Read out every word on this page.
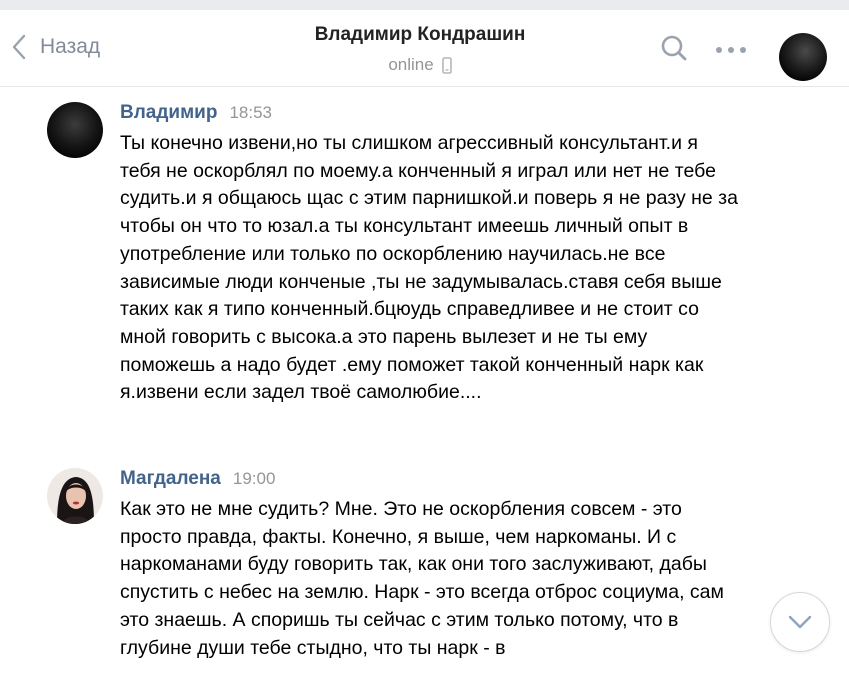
Назад
Владимир Кондрашин
online
Владимир 18:53
Ты конечно извени,но ты слишком агрессивный консультант.и я тебя не оскорблял по моему.а конченный я играл или нет не тебе судить.и я общаюсь щас с этим парнишкой.и поверь я не разу не за чтобы он что то юзал.а ты консультант имеешь личный опыт в употребление или только по оскорблению научилась.не все зависимые люди конченые ,ты не задумывалась.ставя себя выше таких как я типо конченный.бцюудь справедливее и не стоит со мной говорить с высока.а это парень вылезет и не ты ему поможешь а надо будет .ему поможет такой конченный нарк как я.извени если задел твоё самолюбие....
Магдалена 19:00
Как это не мне судить? Мне. Это не оскорбления совсем - это просто правда, факты. Конечно, я выше, чем наркоманы. И с наркоманами буду говорить так, как они того заслуживают, дабы спустить с небес на землю. Нарк - это всегда отброс социума, сам это знаешь. А споришь ты сейчас с этим только потому, что в глубине души тебе стыдно, что ты нарк - в
